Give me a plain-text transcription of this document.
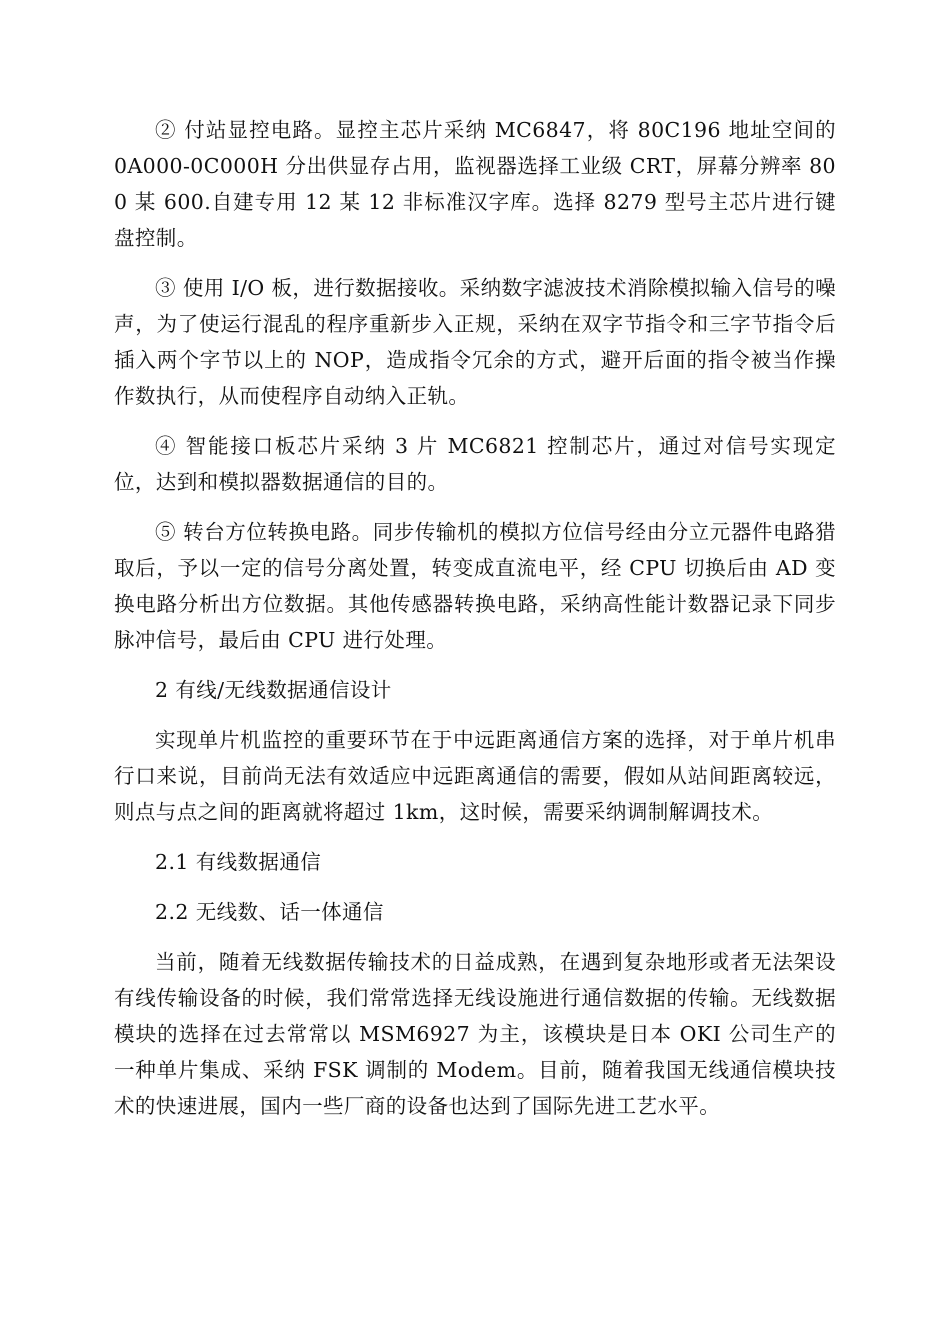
② 付站显控电路。显控主芯片采纳 MC6847，将 80C196 地址空间的 0A000-0C000H 分出供显存占用，监视器选择工业级 CRT，屏幕分辨率 800 某 600.自建专用 12 某 12 非标准汉字库。选择 8279 型号主芯片进行键盘控制。

③ 使用 I/O 板，进行数据接收。采纳数字滤波技术消除模拟输入信号的噪声，为了使运行混乱的程序重新步入正规，采纳在双字节指令和三字节指令后插入两个字节以上的 NOP，造成指令冗余的方式，避开后面的指令被当作操作数执行，从而使程序自动纳入正轨。

④ 智能接口板芯片采纳 3 片 MC6821 控制芯片，通过对信号实现定位，达到和模拟器数据通信的目的。

⑤ 转台方位转换电路。同步传输机的模拟方位信号经由分立元器件电路猎取后，予以一定的信号分离处置，转变成直流电平，经 CPU 切换后由 AD 变换电路分析出方位数据。其他传感器转换电路，采纳高性能计数器记录下同步脉冲信号，最后由 CPU 进行处理。

2 有线/无线数据通信设计

实现单片机监控的重要环节在于中远距离通信方案的选择，对于单片机串行口来说，目前尚无法有效适应中远距离通信的需要，假如从站间距离较远，则点与点之间的距离就将超过 1km，这时候，需要采纳调制解调技术。

2.1 有线数据通信

2.2 无线数、话一体通信

当前，随着无线数据传输技术的日益成熟，在遇到复杂地形或者无法架设有线传输设备的时候，我们常常选择无线设施进行通信数据的传输。无线数据模块的选择在过去常常以 MSM6927 为主，该模块是日本 OKI 公司生产的一种单片集成、采纳 FSK 调制的 Modem。目前，随着我国无线通信模块技术的快速进展，国内一些厂商的设备也达到了国际先进工艺水平。
